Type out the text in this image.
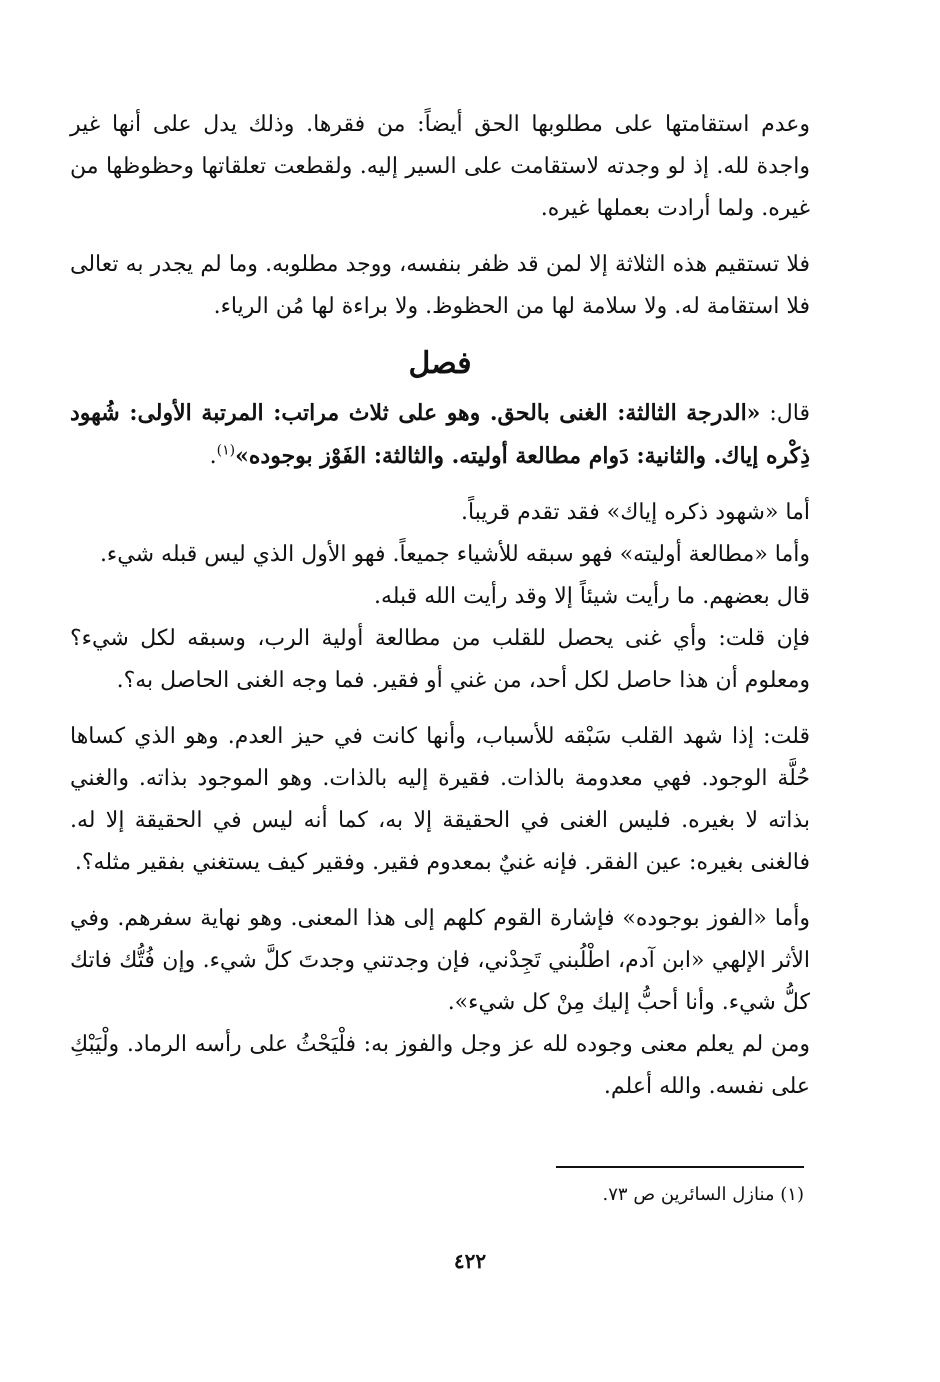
وعدم استقامتها على مطلوبها الحق أيضاً: من فقرها. وذلك يدل على أنها غير واجدة لله. إذ لو وجدته لاستقامت على السير إليه. ولقطعت تعلقاتها وحظوظها من غيره. ولما أرادت بعملها غيره.

فلا تستقيم هذه الثلاثة إلا لمن قد ظفر بنفسه، ووجد مطلوبه. وما لم يجدر به تعالى فلا استقامة له. ولا سلامة لها من الحظوظ. ولا براءة لها مُن الرياء.

فصل

قال: «الدرجة الثالثة: الغنى بالحق. وهو على ثلاث مراتب: المرتبة الأولى: شُهود ذِكْره إياك. والثانية: دَوام مطالعة أوليته. والثالثة: الفَوْز بوجوده»$^{(١)}$.

أما «شهود ذكره إياك» فقد تقدم قريباً.

وأما «مطالعة أوليته» فهو سبقه للأشياء جميعاً. فهو الأول الذي ليس قبله شيء.

قال بعضهم. ما رأيت شيئاً إلا وقد رأيت الله قبله.

فإن قلت: وأي غنى يحصل للقلب من مطالعة أولية الرب، وسبقه لكل شيء؟ ومعلوم أن هذا حاصل لكل أحد، من غني أو فقير. فما وجه الغنى الحاصل به؟.

قلت: إذا شهد القلب سَبْقه للأسباب، وأنها كانت في حيز العدم. وهو الذي كساها حُلَّة الوجود. فهي معدومة بالذات. فقيرة إليه بالذات. وهو الموجود بذاته. والغني بذاته لا بغيره. فليس الغنى في الحقيقة إلا به، كما أنه ليس في الحقيقة إلا له. فالغنى بغيره: عين الفقر. فإنه غنيٌ بمعدوم فقير. وفقير كيف يستغني بفقير مثله؟.

وأما «الفوز بوجوده» فإشارة القوم كلهم إلى هذا المعنى. وهو نهاية سفرهم. وفي الأثر الإلهي «ابن آدم، اطْلُبني تَجِدْني، فإن وجدتني وجدتَ كلَّ شيء. وإن فُتُّك فاتك كلُّ شيء. وأنا أحبُّ إليك مِنْ كل شيء».

ومن لم يعلم معنى وجوده لله عز وجل والفوز به: فلْيَحْثُ على رأسه الرماد. ولْيَبْكِ على نفسه. والله أعلم.

(١) منازل السائرين ص ٧٣.
٤٢٢
